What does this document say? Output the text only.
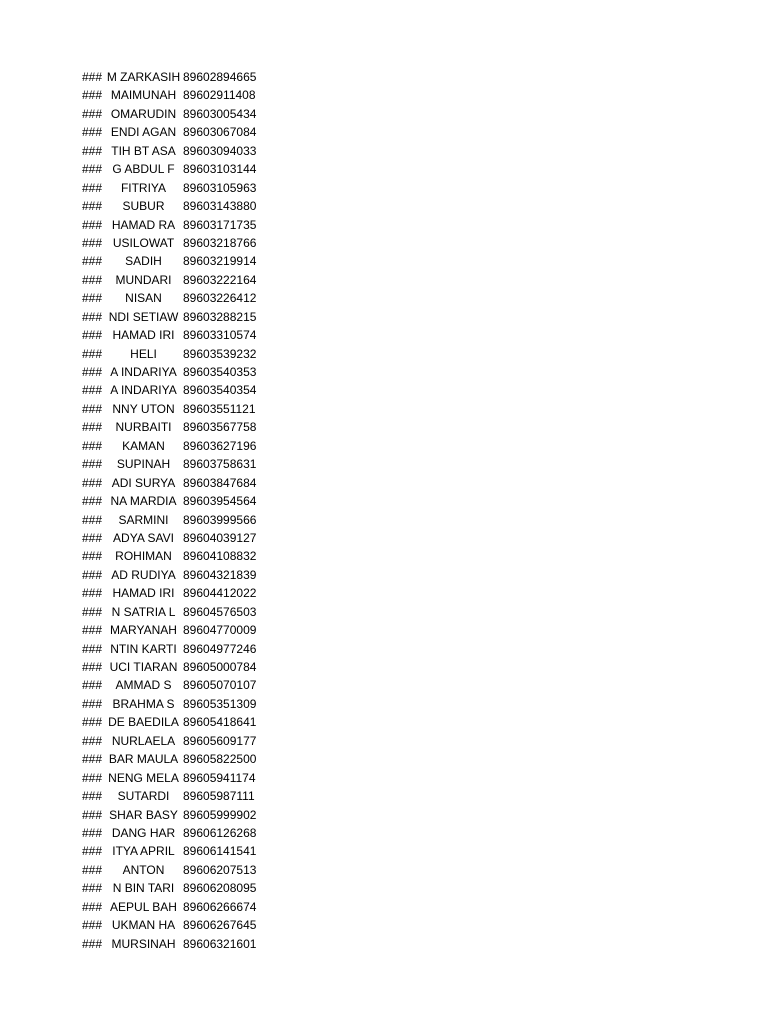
### M ZARKASIH 89602894665
### MAIMUNAH 89602911408
### OMARUDIN 89603005434
### ENDI AGAN 89603067084
### TIH BT ASA 89603094033
### G ABDUL F 89603103144
###	FITRIYA	89603105963
###	SUBUR	89603143880
### HAMAD RA 89603171735
### USILOWAT 89603218766
###	SADIH	89603219914
###	MUNDARI 89603222164
###	NISAN	89603226412
### NDI SETIAW 89603288215
### HAMAD IRI 89603310574
###	HELI	89603539232
### A INDARIYA 89603540353
### A INDARIYA 89603540354
### NNY UTON 89603551121
###	NURBAITI 89603567758
###	KAMAN	89603627196
###	SUPINAH	89603758631
### ADI SURYA 89603847684
### NA MARDIA 89603954564
###	SARMINI	89603999566
### ADYA SAVI 89604039127
###	ROHIMAN 89604108832
### AD RUDIYA 89604321839
### HAMAD IRI 89604412022
### N SATRIA L 89604576503
### MARYANAH 89604770009
### NTIN KARTI 89604977246
### UCI TIARAN 89605000784
###	AMMAD S 89605070107
### BRAHMA S 89605351309
### DE BAEDILA 89605418641
### NURLAELA 89605609177
### BAR MAULA 89605822500
### NENG MELA 89605941174
###	SUTARDI	89605987111
### SHAR BASY 89605999902
### DANG HAR 89606126268
### ITYA APRIL 89606141541
###	ANTON	89606207513
### N BIN TARI 89606208095
### AEPUL BAH 89606266674
### UKMAN HA 89606267645
### MURSINAH 89606321601
